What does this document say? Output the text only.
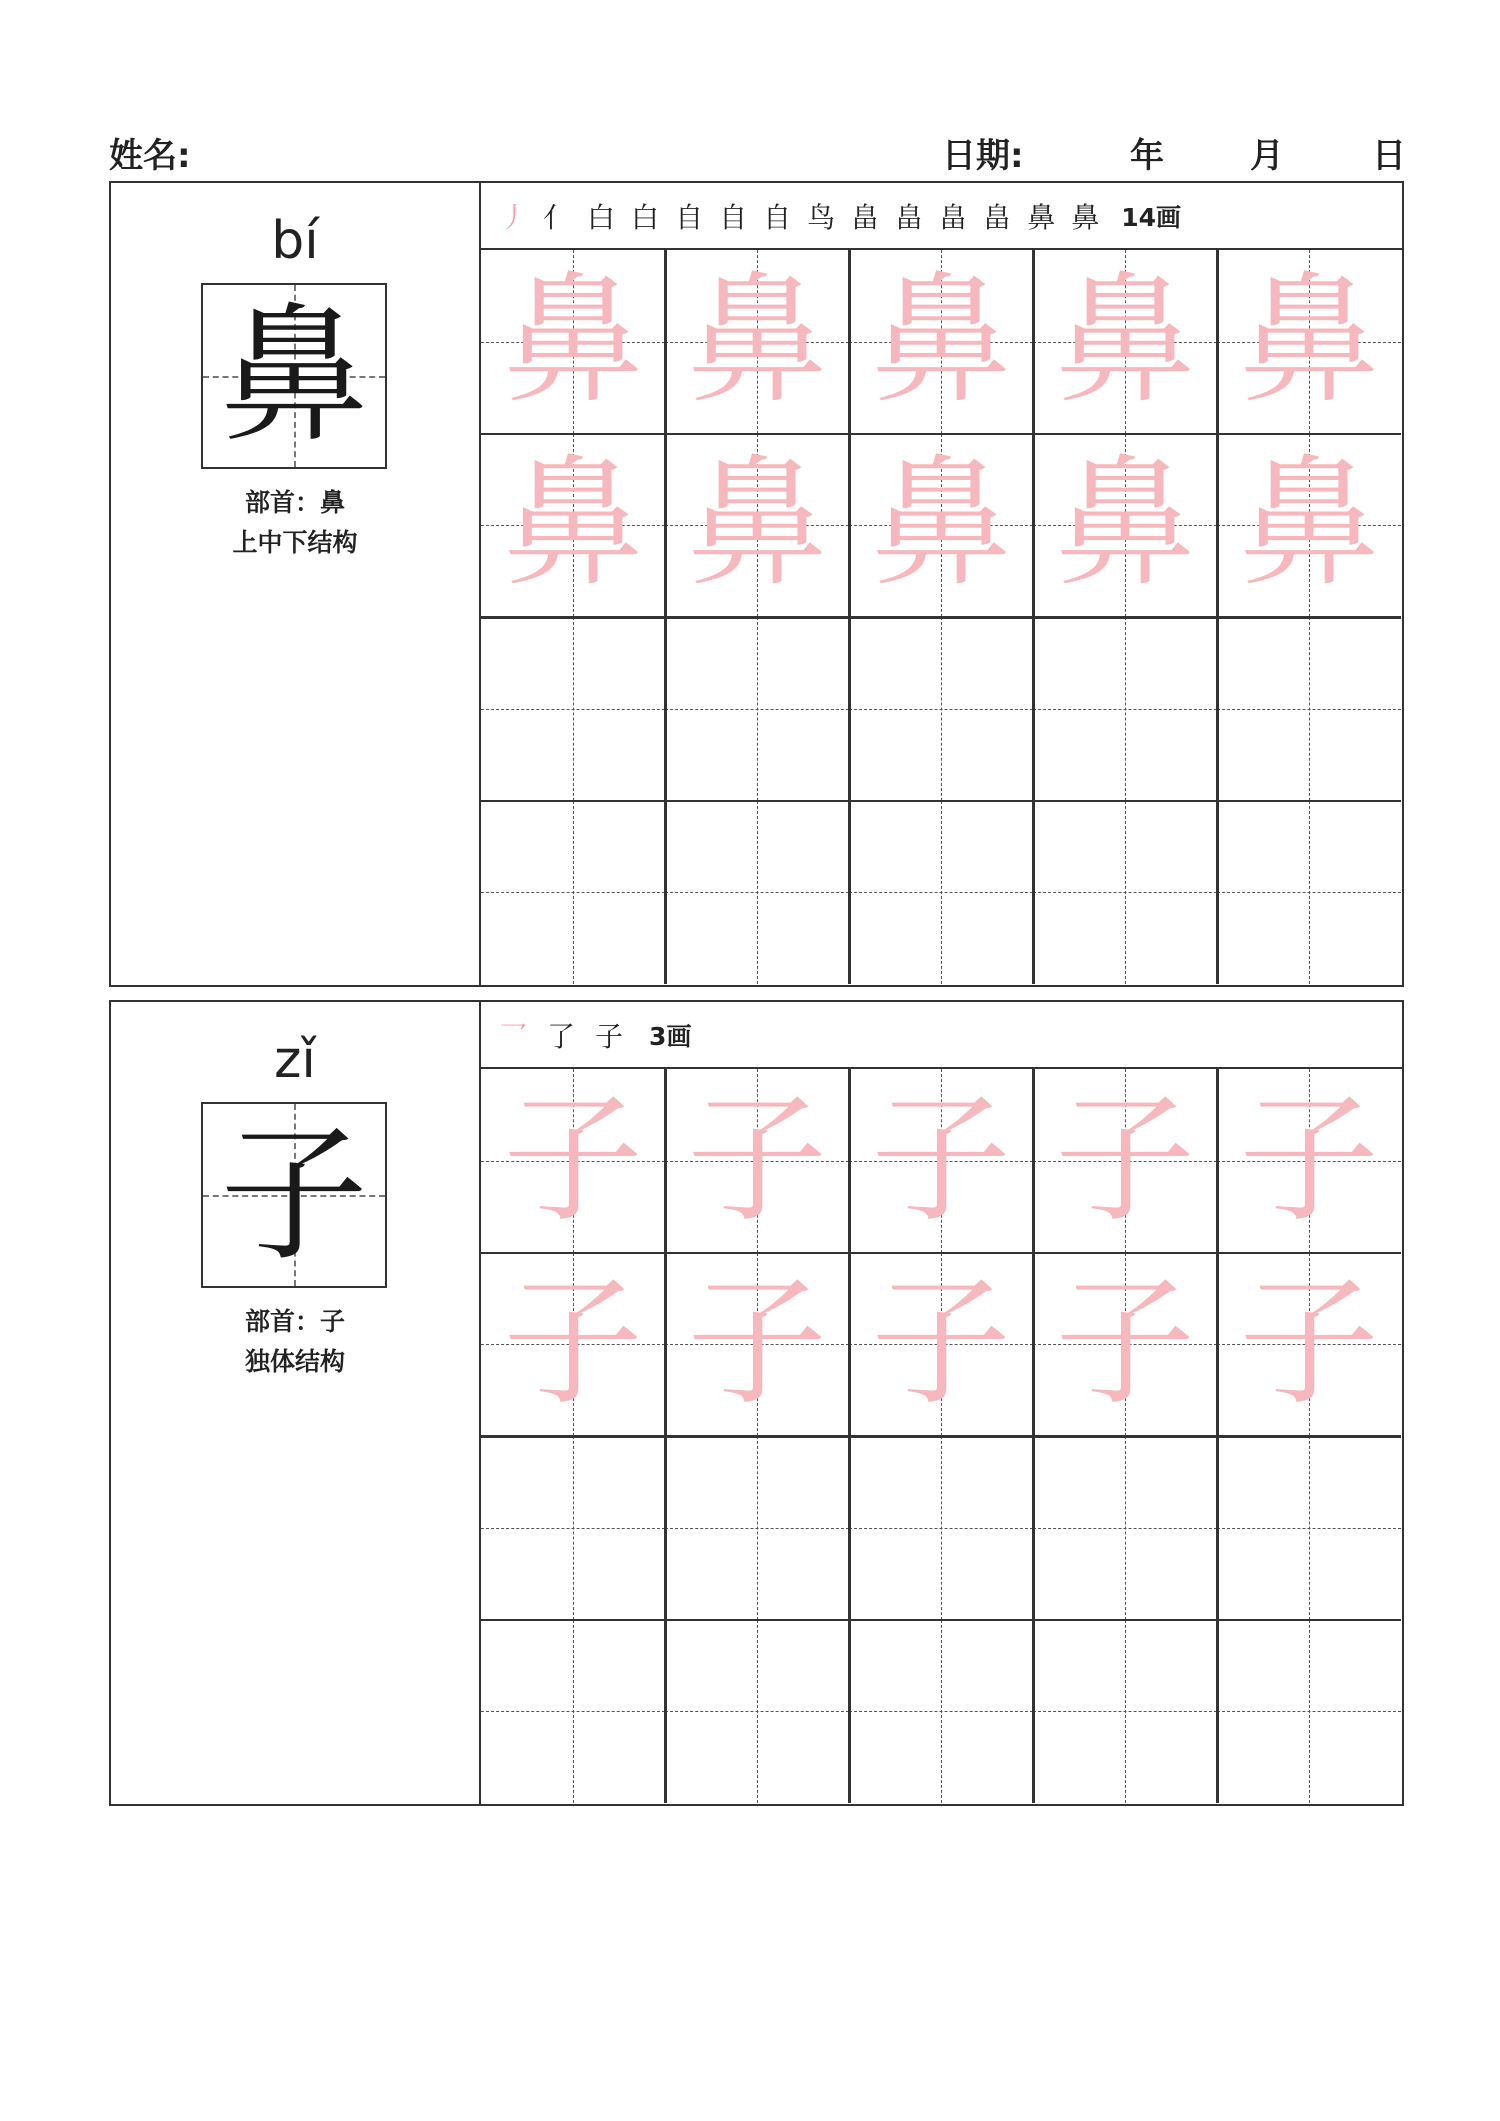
姓名:	日期:	年	月	日
bí
鼻
部首：鼻
上中下结构
丿 亻 白 白 自 自 自 鸟 畠 畠 畠 畠 鼻 鼻 14画
鼻 鼻 鼻 鼻 鼻
鼻 鼻 鼻 鼻 鼻
zǐ
子
部首：子
独体结构
乛 了 子 3画
子 子 子 子 子
子 子 子 子 子
